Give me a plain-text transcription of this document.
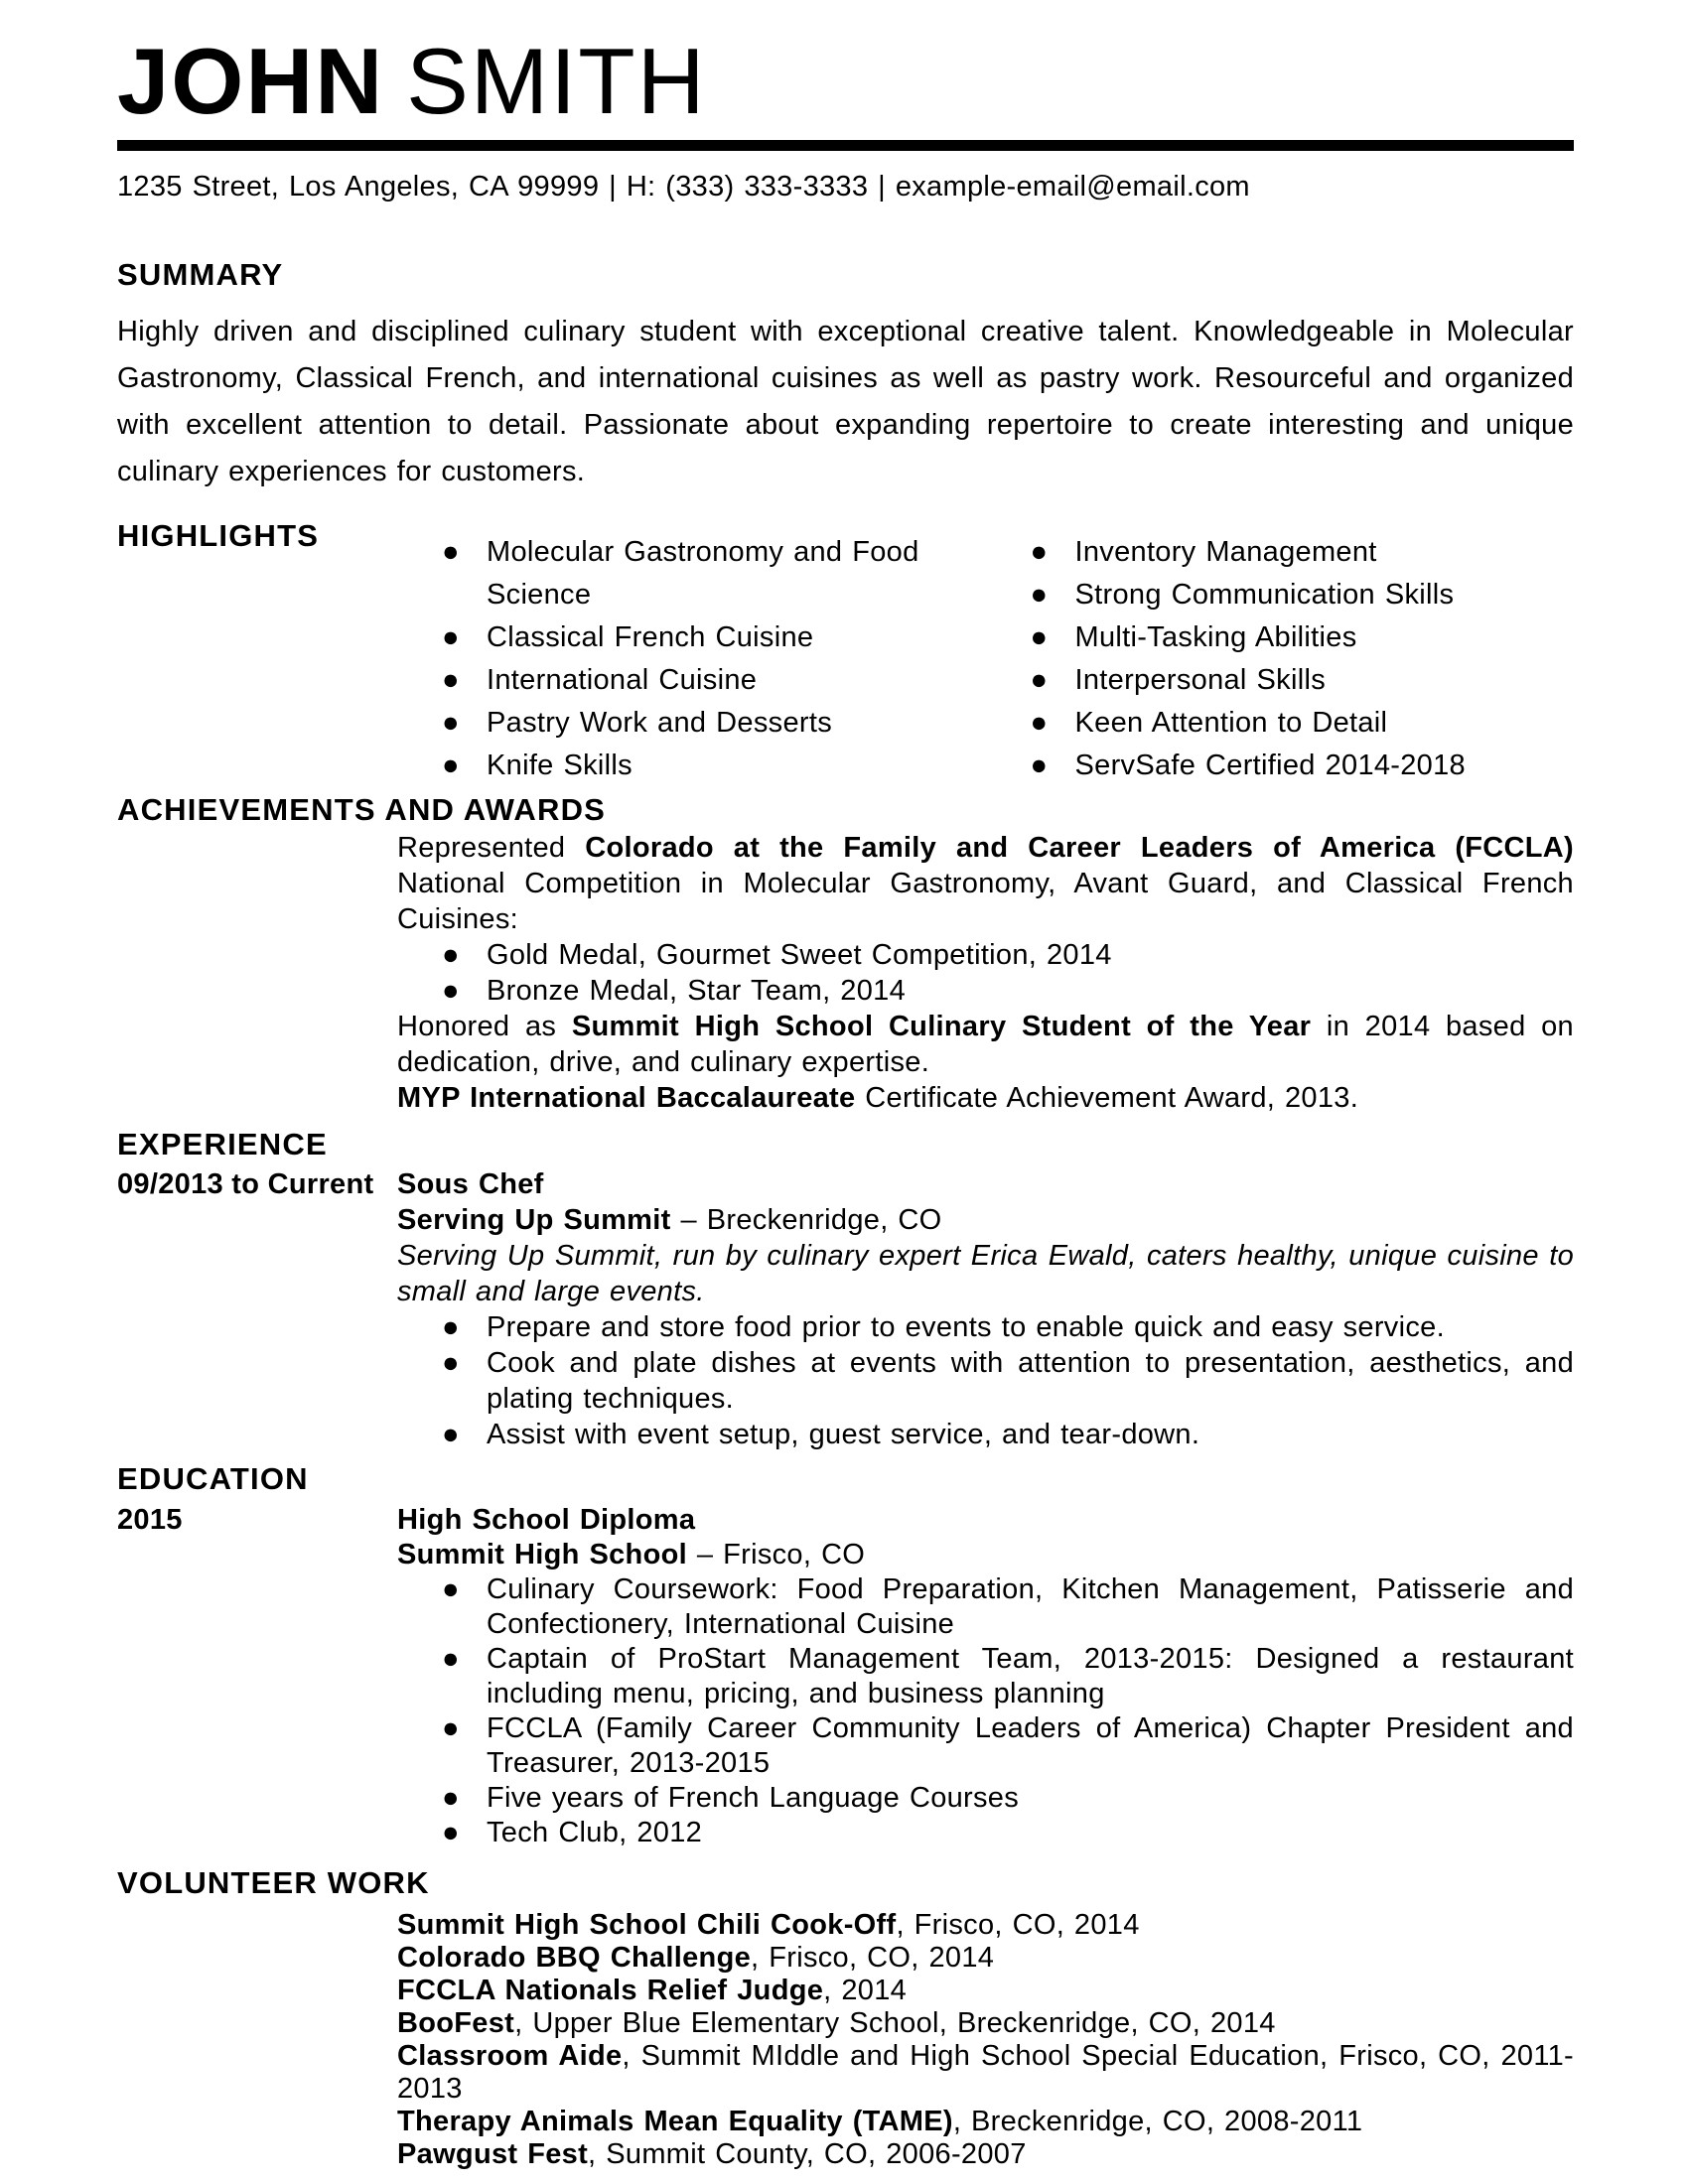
JOHN SMITH
1235 Street, Los Angeles, CA 99999 | H: (333) 333-3333 | example-email@email.com
SUMMARY

Highly driven and disciplined culinary student with exceptional creative talent. Knowledgeable in Molecular Gastronomy, Classical French, and international cuisines as well as pastry work. Resourceful and organized with excellent attention to detail. Passionate about expanding repertoire to create interesting and unique culinary experiences for customers.

HIGHLIGHTS	● Molecular Gastronomy and Food Science
● Classical French Cuisine
● International Cuisine
● Pastry Work and Desserts
● Knife Skills
● Inventory Management
● Strong Communication Skills
● Multi-Tasking Abilities
● Interpersonal Skills
● Keen Attention to Detail
● ServSafe Certified 2014-2018
ACHIEVEMENTS AND AWARDS

Represented Colorado at the Family and Career Leaders of America (FCCLA) National Competition in Molecular Gastronomy, Avant Guard, and Classical French Cuisines:

● Gold Medal, Gourmet Sweet Competition, 2014
● Bronze Medal, Star Team, 2014

Honored as Summit High School Culinary Student of the Year in 2014 based on dedication, drive, and culinary expertise.

MYP International Baccalaureate Certificate Achievement Award, 2013.

EXPERIENCE
09/2013 to Current Sous Chef
Serving Up Summit – Breckenridge, CO

Serving Up Summit, run by culinary expert Erica Ewald, caters healthy, unique cuisine to small and large events.

● Prepare and store food prior to events to enable quick and easy service.
● Cook and plate dishes at events with attention to presentation, aesthetics, and plating techniques.
● Assist with event setup, guest service, and tear-down.
EDUCATION
2015	High School Diploma
Summit High School – Frisco, CO
● Culinary Coursework: Food Preparation, Kitchen Management, Patisserie and Confectionery, International Cuisine
● Captain of ProStart Management Team, 2013-2015: Designed a restaurant including menu, pricing, and business planning
● FCCLA (Family Career Community Leaders of America) Chapter President and Treasurer, 2013-2015
● Five years of French Language Courses
● Tech Club, 2012
VOLUNTEER WORK
Summit High School Chili Cook-Off, Frisco, CO, 2014
Colorado BBQ Challenge, Frisco, CO, 2014
FCCLA Nationals Relief Judge, 2014
BooFest, Upper Blue Elementary School, Breckenridge, CO, 2014
Classroom Aide, Summit MIddle and High School Special Education, Frisco, CO, 2011-2013
Therapy Animals Mean Equality (TAME), Breckenridge, CO, 2008-2011
Pawgust Fest, Summit County, CO, 2006-2007
